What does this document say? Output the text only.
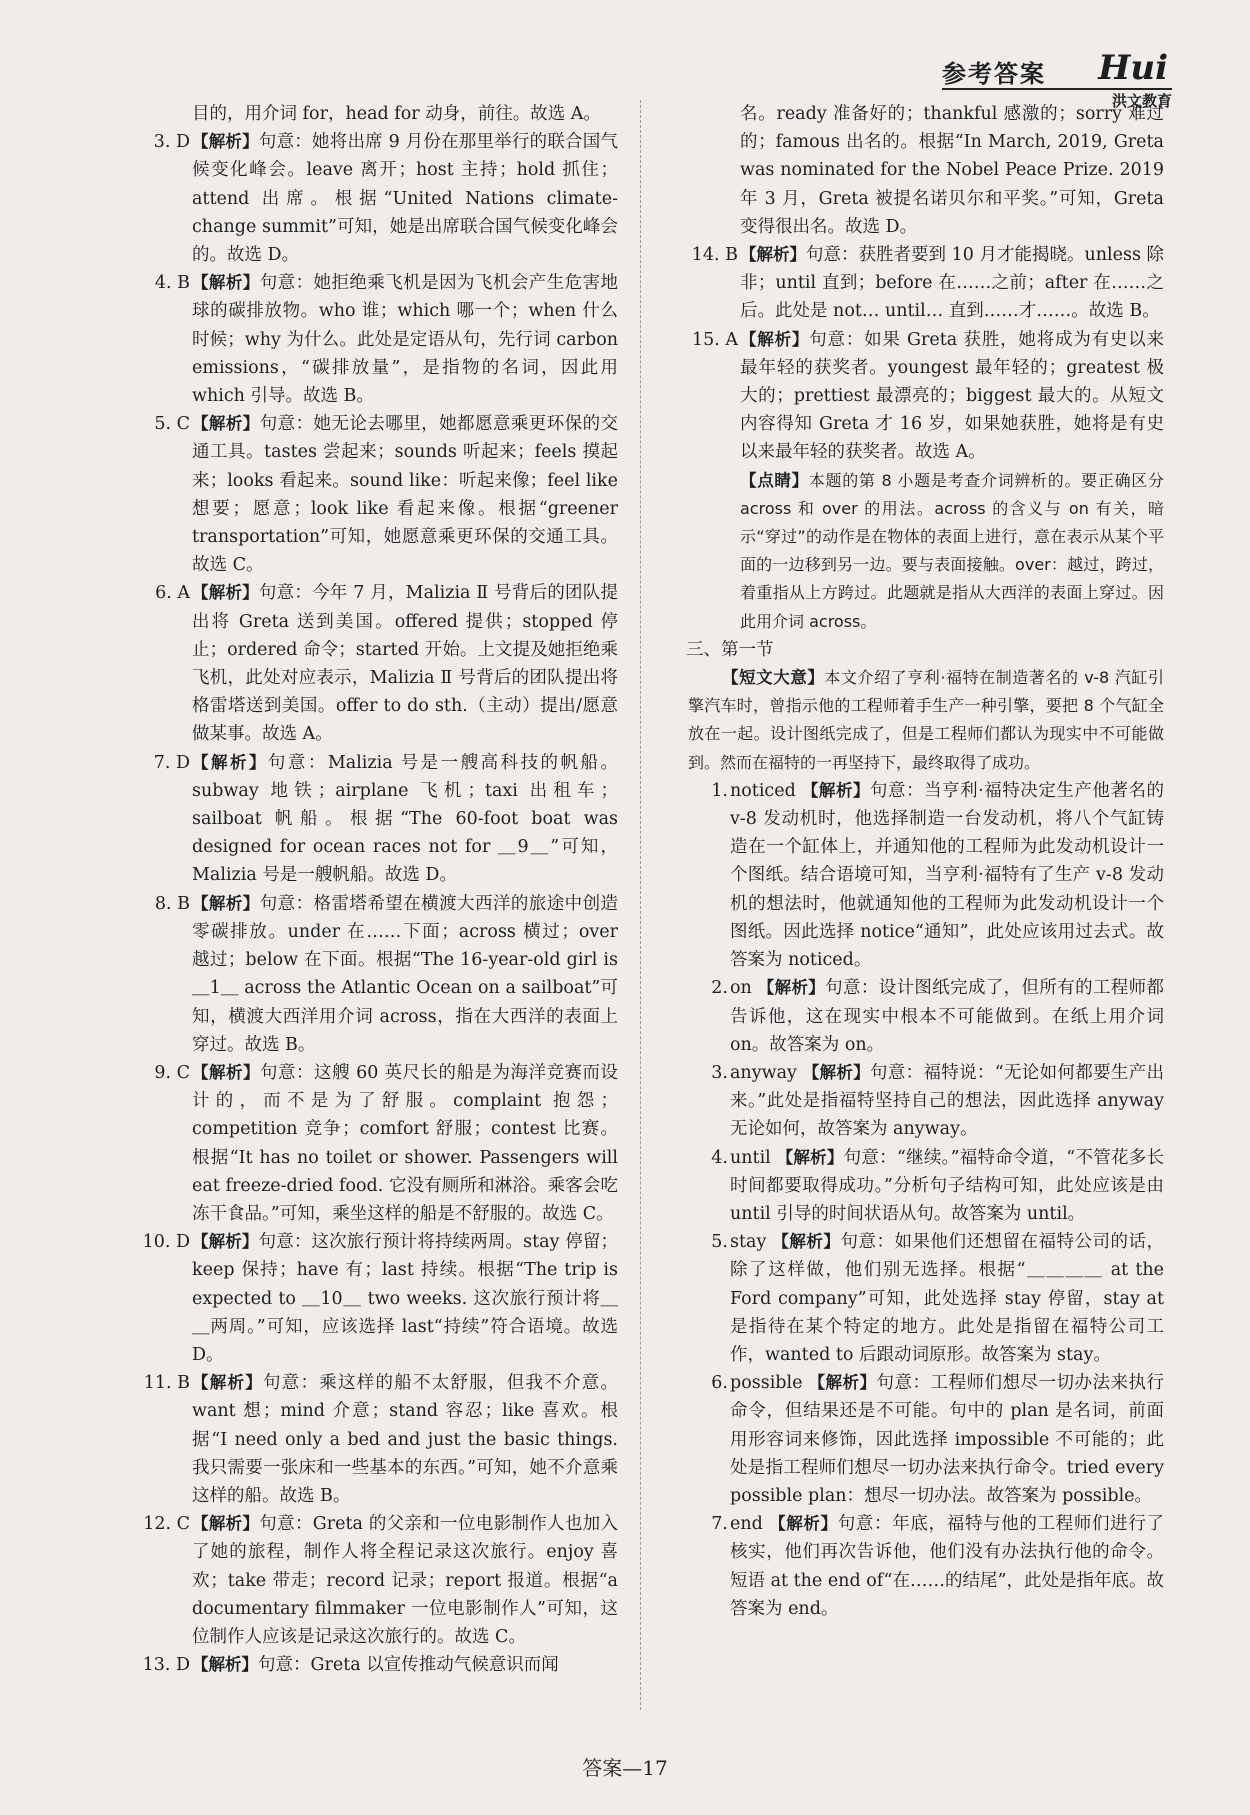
参考答案 Hui
洪文教育
目的，用介词 for，head for 动身，前往。故选 A。
3. D 【解析】句意：她将出席 9 月份在那里举行的联合国气候变化峰会。leave 离开；host 主持；hold 抓住；attend 出席。根据“United Nations climate-change summit”可知，她是出席联合国气候变化峰会的。故选 D。
4. B 【解析】句意：她拒绝乘飞机是因为飞机会产生危害地球的碳排放物。who 谁；which 哪一个；when 什么时候；why 为什么。此处是定语从句，先行词 carbon emissions，“碳排放量”，是指物的名词，因此用 which 引导。故选 B。
5. C 【解析】句意：她无论去哪里，她都愿意乘更环保的交通工具。tastes 尝起来；sounds 听起来；feels 摸起来；looks 看起来。sound like：听起来像；feel like 想要；愿意；look like 看起来像。根据“greener transportation”可知，她愿意乘更环保的交通工具。故选 C。
6. A 【解析】句意：今年 7 月，Malizia Ⅱ 号背后的团队提出将 Greta 送到美国。offered 提供；stopped 停止；ordered 命令；started 开始。上文提及她拒绝乘飞机，此处对应表示，Malizia Ⅱ 号背后的团队提出将格雷塔送到美国。offer to do sth.（主动）提出/愿意做某事。故选 A。
7. D 【解析】句意：Malizia 号是一艘高科技的帆船。subway 地铁；airplane 飞机；taxi 出租车；sailboat 帆船。根据“The 60-foot boat was designed for ocean races not for ＿9＿”可知，Malizia 号是一艘帆船。故选 D。
8. B 【解析】句意：格雷塔希望在横渡大西洋的旅途中创造零碳排放。under 在……下面；across 横过；over 越过；below 在下面。根据“The 16-year-old girl is ＿1＿ across the Atlantic Ocean on a sailboat”可知，横渡大西洋用介词 across，指在大西洋的表面上穿过。故选 B。
9. C 【解析】句意：这艘 60 英尺长的船是为海洋竞赛而设计的，而不是为了舒服。complaint 抱怨；competition 竞争；comfort 舒服；contest 比赛。根据“It has no toilet or shower. Passengers will eat freeze-dried food. 它没有厕所和淋浴。乘客会吃冻干食品。”可知，乘坐这样的船是不舒服的。故选 C。
10. D 【解析】句意：这次旅行预计将持续两周。stay 停留；keep 保持；have 有；last 持续。根据“The trip is expected to ＿10＿ two weeks. 这次旅行预计将＿＿两周。”可知，应该选择 last“持续”符合语境。故选 D。
11. B 【解析】句意：乘这样的船不太舒服，但我不介意。want 想；mind 介意；stand 容忍；like 喜欢。根据“I need only a bed and just the basic things. 我只需要一张床和一些基本的东西。”可知，她不介意乘这样的船。故选 B。
12. C 【解析】句意：Greta 的父亲和一位电影制作人也加入了她的旅程，制作人将全程记录这次旅行。enjoy 喜欢；take 带走；record 记录；report 报道。根据“a documentary filmmaker 一位电影制作人”可知，这位制作人应该是记录这次旅行的。故选 C。
13. D 【解析】句意：Greta 以宣传推动气候意识而闻
名。ready 准备好的；thankful 感激的；sorry 难过的；famous 出名的。根据“In March, 2019, Greta was nominated for the Nobel Peace Prize. 2019 年 3 月，Greta 被提名诺贝尔和平奖。”可知，Greta 变得很出名。故选 D。
14. B 【解析】句意：获胜者要到 10 月才能揭晓。unless 除非；until 直到；before 在……之前；after 在……之后。此处是 not… until… 直到……才……。故选 B。
15. A 【解析】句意：如果 Greta 获胜，她将成为有史以来最年轻的获奖者。youngest 最年轻的；greatest 极大的；prettiest 最漂亮的；biggest 最大的。从短文内容得知 Greta 才 16 岁，如果她获胜，她将是有史以来最年轻的获奖者。故选 A。
【点睛】本题的第 8 小题是考查介词辨析的。要正确区分 across 和 over 的用法。across 的含义与 on 有关，暗示“穿过”的动作是在物体的表面上进行，意在表示从某个平面的一边移到另一边。要与表面接触。over：越过，跨过，着重指从上方跨过。此题就是指从大西洋的表面上穿过。因此用介词 across。
三、第一节
【短文大意】本文介绍了亨利·福特在制造著名的 v-8 汽缸引擎汽车时，曾指示他的工程师着手生产一种引擎，要把 8 个气缸全放在一起。设计图纸完成了，但是工程师们都认为现实中不可能做到。然而在福特的一再坚持下，最终取得了成功。
1. noticed 【解析】句意：当亨利·福特决定生产他著名的 v-8 发动机时，他选择制造一台发动机，将八个气缸铸造在一个缸体上，并通知他的工程师为此发动机设计一个图纸。结合语境可知，当亨利·福特有了生产 v-8 发动机的想法时，他就通知他的工程师为此发动机设计一个图纸。因此选择 notice“通知”，此处应该用过去式。故答案为 noticed。
2. on 【解析】句意：设计图纸完成了，但所有的工程师都告诉他，这在现实中根本不可能做到。在纸上用介词 on。故答案为 on。
3. anyway 【解析】句意：福特说：“无论如何都要生产出来。”此处是指福特坚持自己的想法，因此选择 anyway 无论如何，故答案为 anyway。
4. until 【解析】句意：“继续。”福特命令道，“不管花多长时间都要取得成功。”分析句子结构可知，此处应该是由 until 引导的时间状语从句。故答案为 until。
5. stay 【解析】句意：如果他们还想留在福特公司的话，除了这样做，他们别无选择。根据“＿＿＿＿ at the Ford company”可知，此处选择 stay 停留，stay at 是指待在某个特定的地方。此处是指留在福特公司工作，wanted to 后跟动词原形。故答案为 stay。
6. possible 【解析】句意：工程师们想尽一切办法来执行命令，但结果还是不可能。句中的 plan 是名词，前面用形容词来修饰，因此选择 impossible 不可能的；此处是指工程师们想尽一切办法来执行命令。tried every possible plan：想尽一切办法。故答案为 possible。
7. end 【解析】句意：年底，福特与他的工程师们进行了核实，他们再次告诉他，他们没有办法执行他的命令。短语 at the end of“在……的结尾”，此处是指年底。故答案为 end。
答案—17
